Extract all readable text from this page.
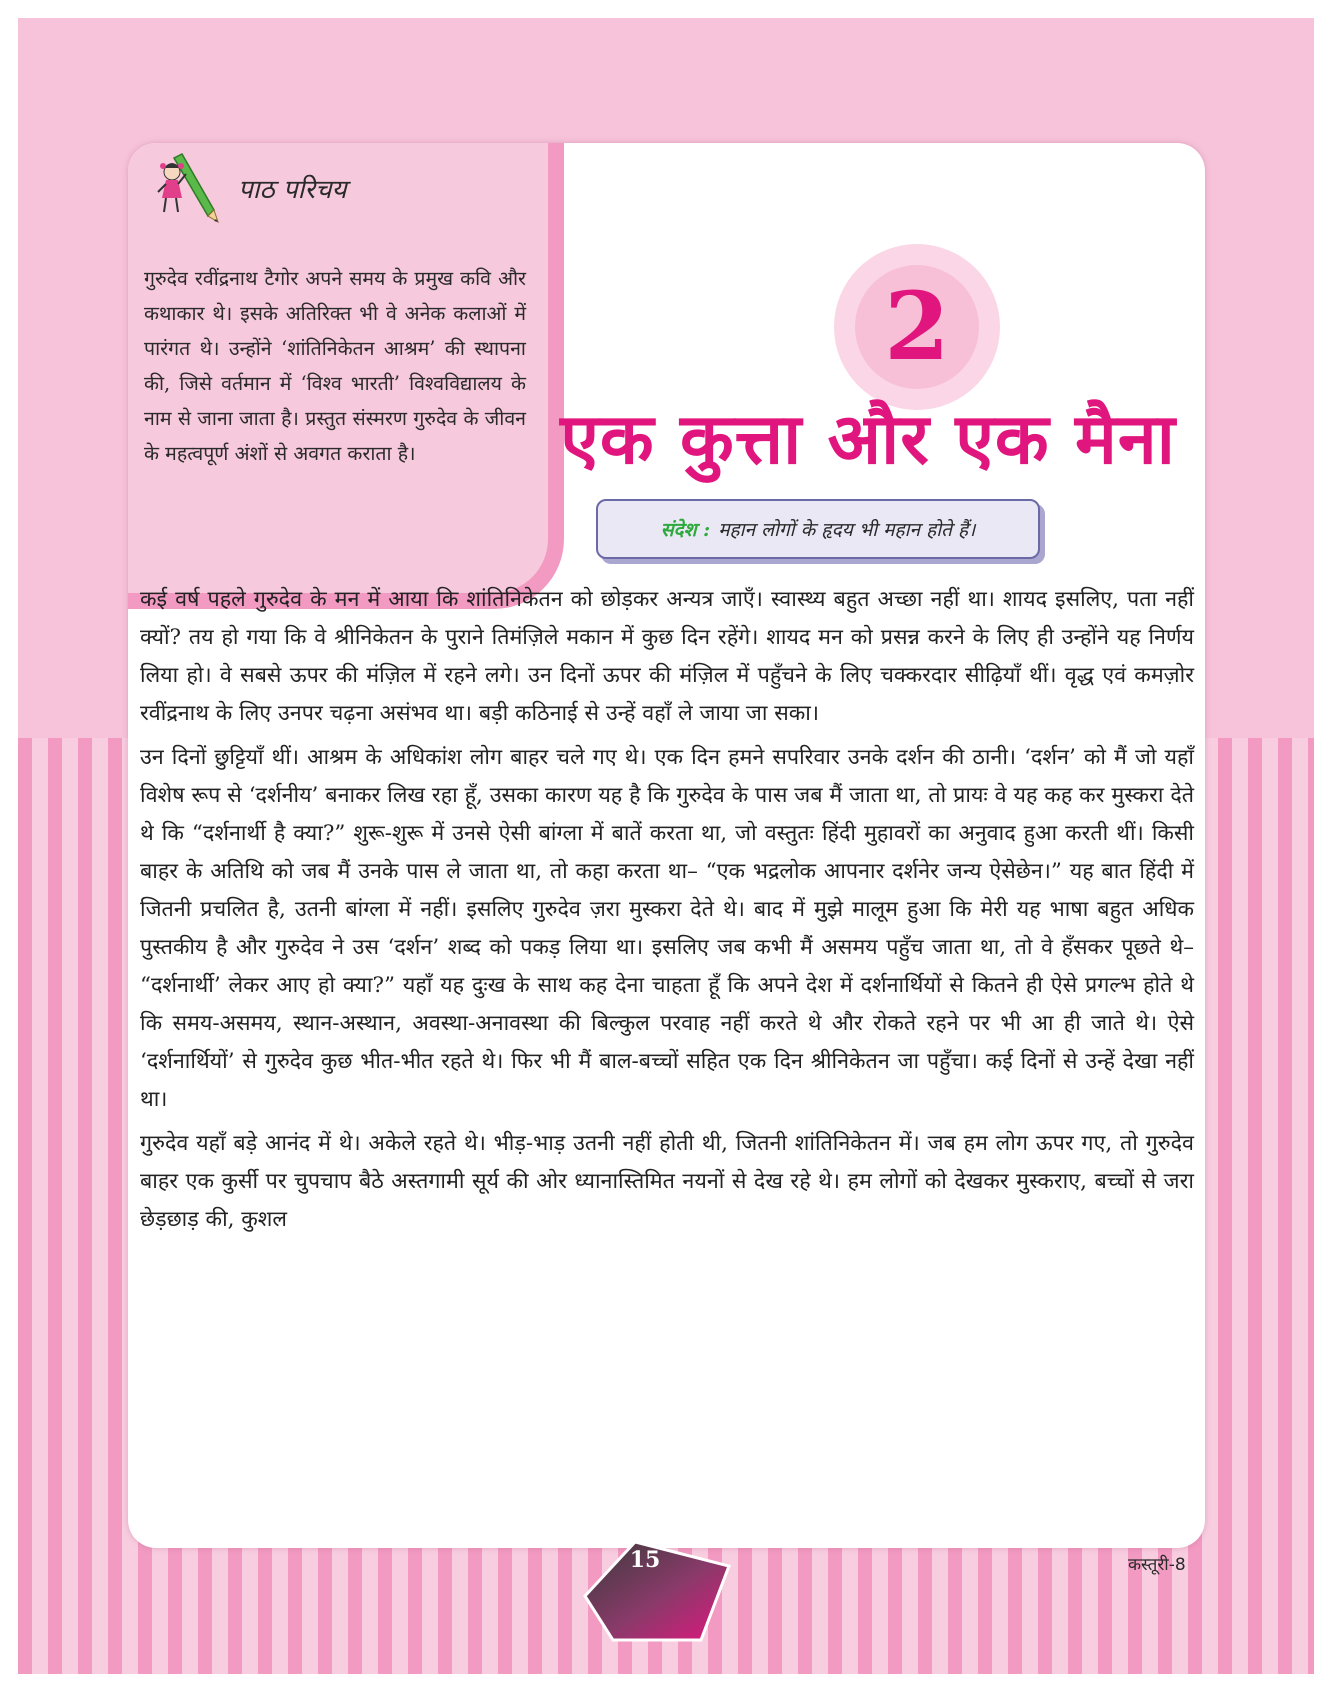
पाठ परिचय
गुरुदेव रवींद्रनाथ टैगोर अपने समय के प्रमुख कवि और कथाकार थे। इसके अतिरिक्त भी वे अनेक कलाओं में पारंगत थे। उन्होंने ‘शांतिनिकेतन आश्रम’ की स्थापना की, जिसे वर्तमान में ‘विश्व भारती’ विश्वविद्यालय के नाम से जाना जाता है। प्रस्तुत संस्मरण गुरुदेव के जीवन के महत्वपूर्ण अंशों से अवगत कराता है।
2
एक कुत्ता और एक मैना
संदेश : महान लोगों के हृदय भी महान होते हैं।

कई वर्ष पहले गुरुदेव के मन में आया कि शांतिनिकेतन को छोड़कर अन्यत्र जाएँ। स्वास्थ्य बहुत अच्छा नहीं था। शायद इसलिए, पता नहीं क्यों? तय हो गया कि वे श्रीनिकेतन के पुराने तिमंज़िले मकान में कुछ दिन रहेंगे। शायद मन को प्रसन्न करने के लिए ही उन्होंने यह निर्णय लिया हो। वे सबसे ऊपर की मंज़िल में रहने लगे। उन दिनों ऊपर की मंज़िल में पहुँचने के लिए चक्करदार सीढ़ियाँ थीं। वृद्ध एवं कमज़ोर रवींद्रनाथ के लिए उनपर चढ़ना असंभव था। बड़ी कठिनाई से उन्हें वहाँ ले जाया जा सका।

उन दिनों छुट्टियाँ थीं। आश्रम के अधिकांश लोग बाहर चले गए थे। एक दिन हमने सपरिवार उनके दर्शन की ठानी। ‘दर्शन’ को मैं जो यहाँ विशेष रूप से ‘दर्शनीय’ बनाकर लिख रहा हूँ, उसका कारण यह है कि गुरुदेव के पास जब मैं जाता था, तो प्रायः वे यह कह कर मुस्करा देते थे कि “दर्शनार्थी है क्या?” शुरू-शुरू में उनसे ऐसी बांग्ला में बातें करता था, जो वस्तुतः हिंदी मुहावरों का अनुवाद हुआ करती थीं। किसी बाहर के अतिथि को जब मैं उनके पास ले जाता था, तो कहा करता था– “एक भद्रलोक आपनार दर्शनेर जन्य ऐसेछेन।” यह बात हिंदी में जितनी प्रचलित है, उतनी बांग्ला में नहीं। इसलिए गुरुदेव ज़रा मुस्करा देते थे। बाद में मुझे मालूम हुआ कि मेरी यह भाषा बहुत अधिक पुस्तकीय है और गुरुदेव ने उस ‘दर्शन’ शब्द को पकड़ लिया था। इसलिए जब कभी मैं असमय पहुँच जाता था, तो वे हँसकर पूछते थे– “दर्शनार्थी’ लेकर आए हो क्या?” यहाँ यह दुःख के साथ कह देना चाहता हूँ कि अपने देश में दर्शनार्थियों से कितने ही ऐसे प्रगल्भ होते थे कि समय-असमय, स्थान-अस्थान, अवस्था-अनावस्था की बिल्कुल परवाह नहीं करते थे और रोकते रहने पर भी आ ही जाते थे। ऐसे ‘दर्शनार्थियों’ से गुरुदेव कुछ भीत-भीत रहते थे। फिर भी मैं बाल-बच्चों सहित एक दिन श्रीनिकेतन जा पहुँचा। कई दिनों से उन्हें देखा नहीं था।

गुरुदेव यहाँ बड़े आनंद में थे। अकेले रहते थे। भीड़-भाड़ उतनी नहीं होती थी, जितनी शांतिनिकेतन में। जब हम लोग ऊपर गए, तो गुरुदेव बाहर एक कुर्सी पर चुपचाप बैठे अस्तगामी सूर्य की ओर ध्यानास्तिमित नयनों से देख रहे थे। हम लोगों को देखकर मुस्कराए, बच्चों से जरा छेड़छाड़ की, कुशल

15	कस्तूरी-8
